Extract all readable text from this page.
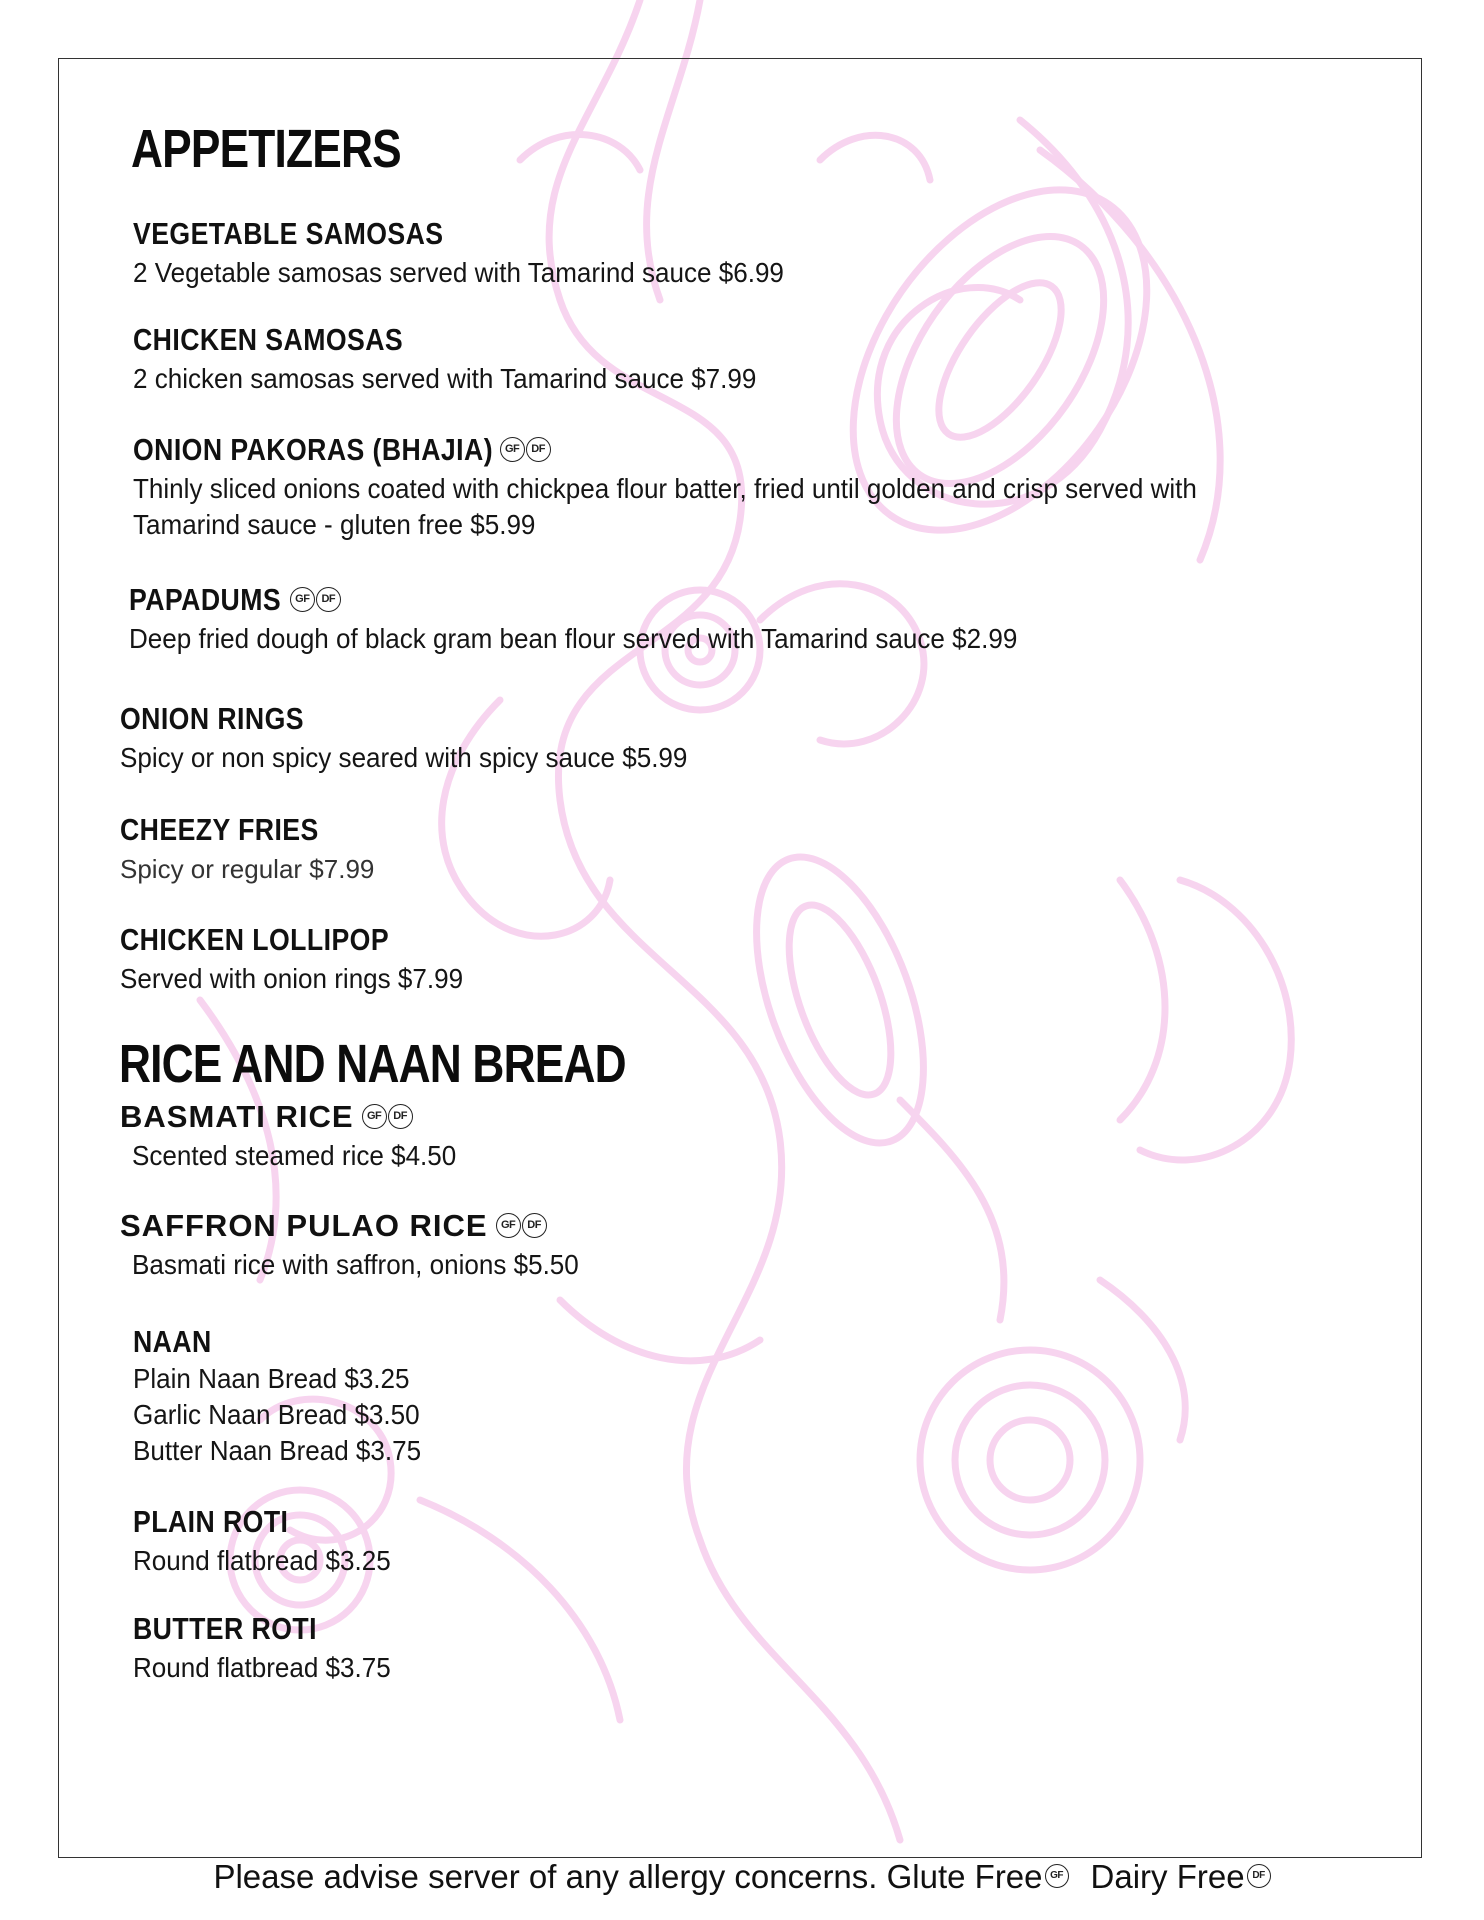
APPETIZERS
VEGETABLE SAMOSAS
2 Vegetable samosas served with Tamarind sauce $6.99
CHICKEN SAMOSAS
2 chicken samosas served with Tamarind sauce $7.99
ONION PAKORAS (BHAJIA)	GF	DF
Thinly sliced onions coated with chickpea flour batter, fried until golden and crisp served with
Tamarind sauce - gluten free $5.99
PAPADUMS	GF	DF
Deep fried dough of black gram bean flour served with Tamarind sauce $2.99
ONION RINGS
Spicy or non spicy seared with spicy sauce $5.99
CHEEZY FRIES
Spicy or regular $7.99
CHICKEN LOLLIPOP
Served with onion rings $7.99
RICE AND NAAN BREAD
BASMATI RICE	GF	DF
Scented steamed rice $4.50
SAFFRON PULAO RICE	GF	DF
Basmati rice with saffron, onions $5.50
NAAN
Plain Naan Bread $3.25
Garlic Naan Bread $3.50
Butter Naan Bread $3.75
PLAIN ROTI
Round flatbread $3.25
BUTTER ROTI
Round flatbread $3.75
Please advise server of any allergy concerns. Glute Free GF Dairy Free DF
